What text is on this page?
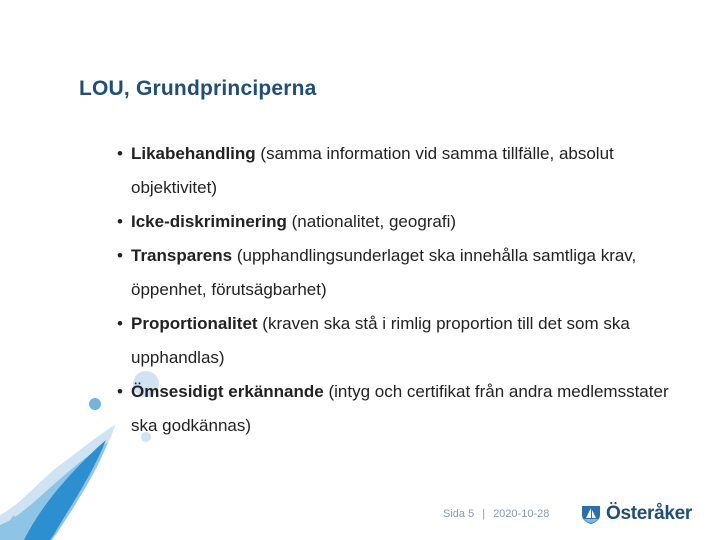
LOU, Grundprinciperna
• Likabehandling (samma information vid samma tillfälle, absolut objektivitet)
• Icke-diskriminering (nationalitet, geografi)
• Transparens (upphandlingsunderlaget ska innehålla samtliga krav, öppenhet, förutsägbarhet)
• Proportionalitet (kraven ska stå i rimlig proportion till det som ska upphandlas)
• Ömsesidigt erkännande (intyg och certifikat från andra medlemsstater ska godkännas)
Sida 5 | 2020-10-28	Österåker
